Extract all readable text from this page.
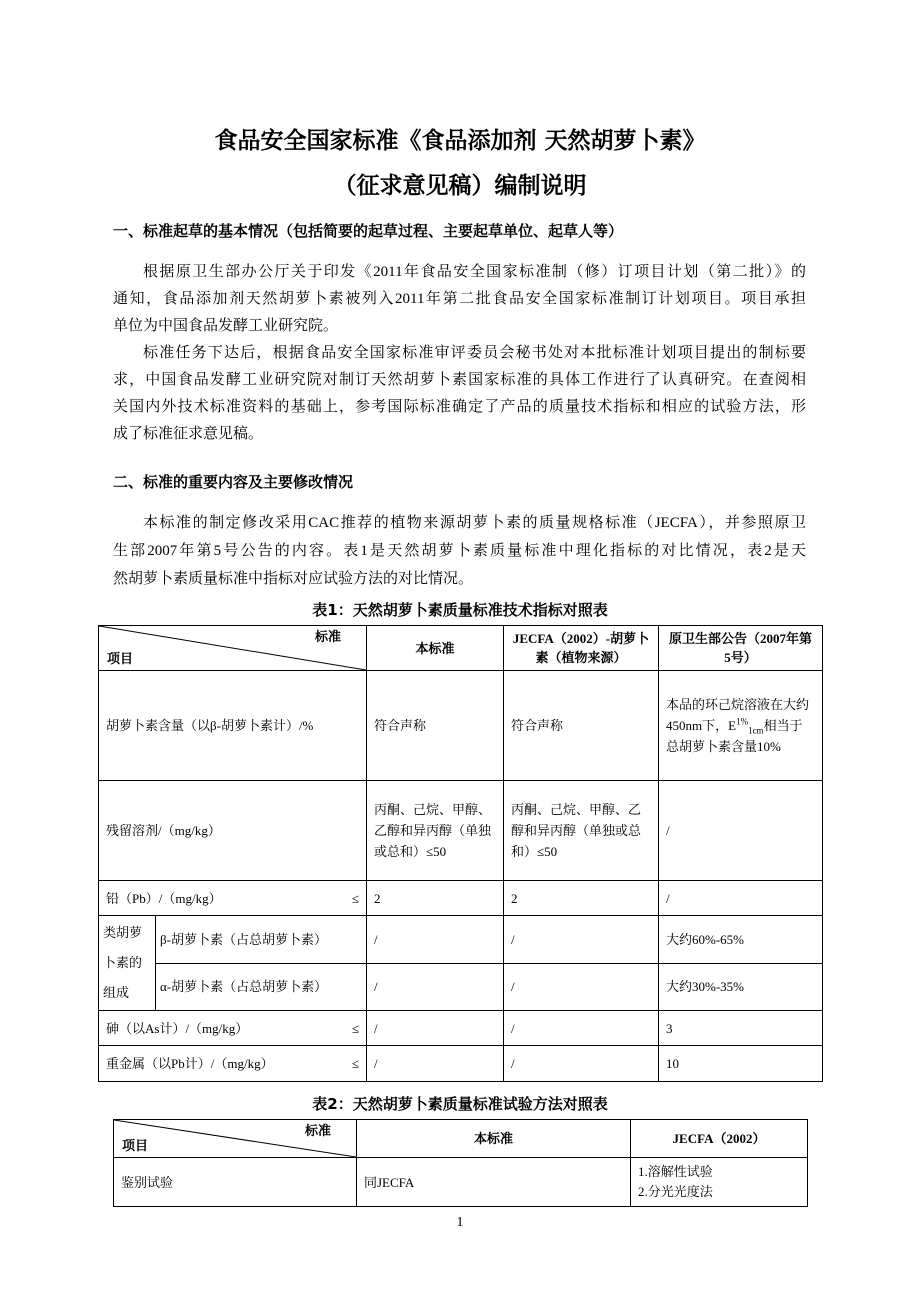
食品安全国家标准《食品添加剂 天然胡萝卜素》
（征求意见稿）编制说明
一、标准起草的基本情况（包括简要的起草过程、主要起草单位、起草人等）
根据原卫生部办公厅关于印发《2011年食品安全国家标准制（修）订项目计划（第二批）》的
通知，食品添加剂天然胡萝卜素被列入2011年第二批食品安全国家标准制订计划项目。项目承担
单位为中国食品发酵工业研究院。
标准任务下达后，根据食品安全国家标准审评委员会秘书处对本批标准计划项目提出的制标要
求，中国食品发酵工业研究院对制订天然胡萝卜素国家标准的具体工作进行了认真研究。在查阅相
关国内外技术标准资料的基础上，参考国际标准确定了产品的质量技术指标和相应的试验方法，形
成了标准征求意见稿。
二、标准的重要内容及主要修改情况
本标准的制定修改采用CAC推荐的植物来源胡萝卜素的质量规格标准（JECFA），并参照原卫
生部2007年第5号公告的内容。表1是天然胡萝卜素质量标准中理化指标的对比情况，表2是天
然胡萝卜素质量标准中指标对应试验方法的对比情况。
表1：天然胡萝卜素质量标准技术指标对照表
标准
项目		本标准	JECFA（2002）-胡萝卜素（植物来源）	原卫生部公告（2007年第5号）
胡萝卜素含量（以β-胡萝卜素计）/%		符合声称	符合声称	本品的环己烷溶液在大约450nm下，$E^{1\%}_{1cm}$相当于总胡萝卜素含量10%
残留溶剂/（mg/kg）		丙酮、己烷、甲醇、乙醇和异丙醇（单独或总和）≤50	丙酮、己烷、甲醇、乙醇和异丙醇（单独或总和）≤50	/

铅（Pb）/（mg/kg） ≤		2	2	/
类胡萝卜素的组成	β-胡萝卜素（占总胡萝卜素）	/	/	大约60%-65%
	α-胡萝卜素（占总胡萝卜素）	/	/	大约30%-35%

砷（以As计）/（mg/kg） ≤		/	/	3

重金属（以Pb计）/（mg/kg） ≤		/	/	10
表2：天然胡萝卜素质量标准试验方法对照表
标准
项目	本标准	JECFA（2002）
鉴别试验	同JECFA	1.溶解性试验
2.分光光度法
1
